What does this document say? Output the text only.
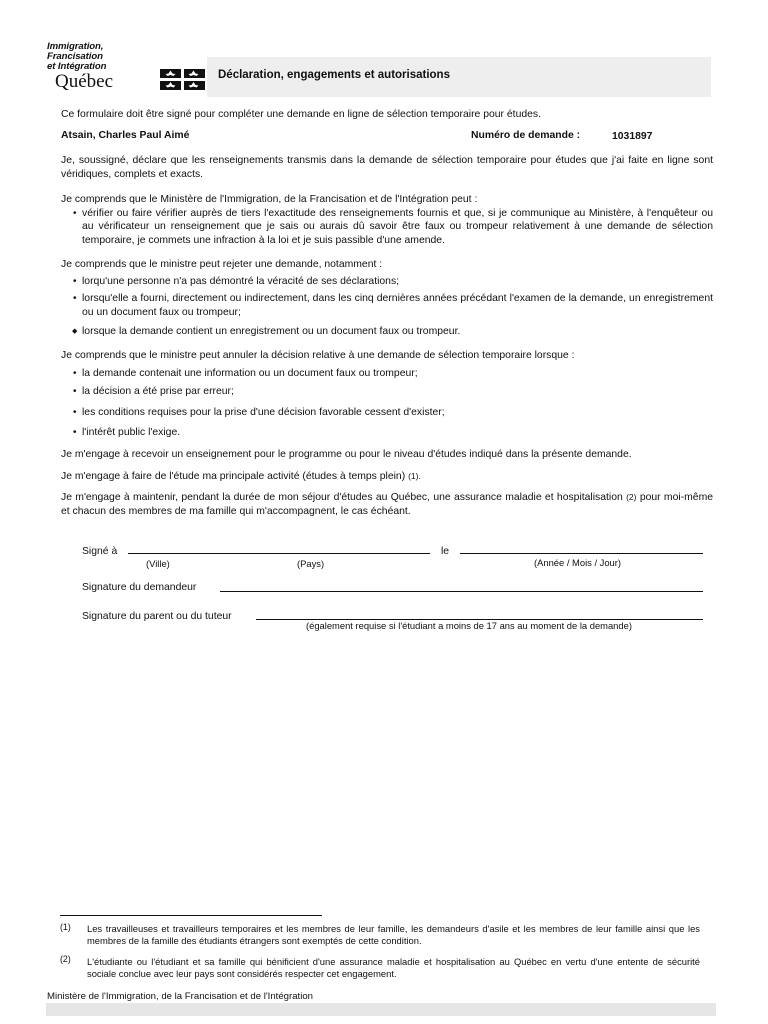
Immigration,
Francisation
et Intégration
Québec	Déclaration, engagements et autorisations
Ce formulaire doit être signé pour compléter une demande en ligne de sélection temporaire pour études.
Atsain, Charles Paul Aimé	Numéro de demande :	1031897
Je, soussigné, déclare que les renseignements transmis dans la demande de sélection temporaire pour études que j'ai faite en ligne sont véridiques, complets et exacts.
Je comprends que le Ministère de l'Immigration, de la Francisation et de l'Intégration peut :
• vérifier ou faire vérifier auprès de tiers l'exactitude des renseignements fournis et que, si je communique au Ministère, à l'enquêteur ou au vérificateur un renseignement que je sais ou aurais dû savoir être faux ou trompeur relativement à une demande de sélection temporaire, je commets une infraction à la loi et je suis passible d'une amende.
Je comprends que le ministre peut rejeter une demande, notamment :
• lorqu'une personne n'a pas démontré la véracité de ses déclarations;
• lorsqu'elle a fourni, directement ou indirectement, dans les cinq dernières années précédant l'examen de la demande, un enregistrement ou un document faux ou trompeur;
◆ lorsque la demande contient un enregistrement ou un document faux ou trompeur.
Je comprends que le ministre peut annuler la décision relative à une demande de sélection temporaire lorsque :
• la demande contenait une information ou un document faux ou trompeur;
• la décision a été prise par erreur;
• les conditions requises pour la prise d'une décision favorable cessent d'exister;
• l'intérêt public l'exige.
Je m'engage à recevoir un enseignement pour le programme ou pour le niveau d'études indiqué dans la présente demande.
Je m'engage à faire de l'étude ma principale activité (études à temps plein) (1).
Je m'engage à maintenir, pendant la durée de mon séjour d'études au Québec, une assurance maladie et hospitalisation (2) pour moi-même et chacun des membres de ma famille qui m'accompagnent, le cas échéant.
Signé à
(Ville)	(Pays)
le
(Année / Mois / Jour)
Signature du demandeur
Signature du parent ou du tuteur
(également requise si l'étudiant a moins de 17 ans au moment de la demande)
(1) Les travailleuses et travailleurs temporaires et les membres de leur famille, les demandeurs d'asile et les membres de leur famille ainsi que les membres de la famille des étudiants étrangers sont exemptés de cette condition.
(2) L'étudiante ou l'étudiant et sa famille qui bénificient d'une assurance maladie et hospitalisation au Québec en vertu d'une entente de sécurité sociale conclue avec leur pays sont considérés respecter cet engagement.
Ministère de l'Immigration, de la Francisation et de l'Intégration
